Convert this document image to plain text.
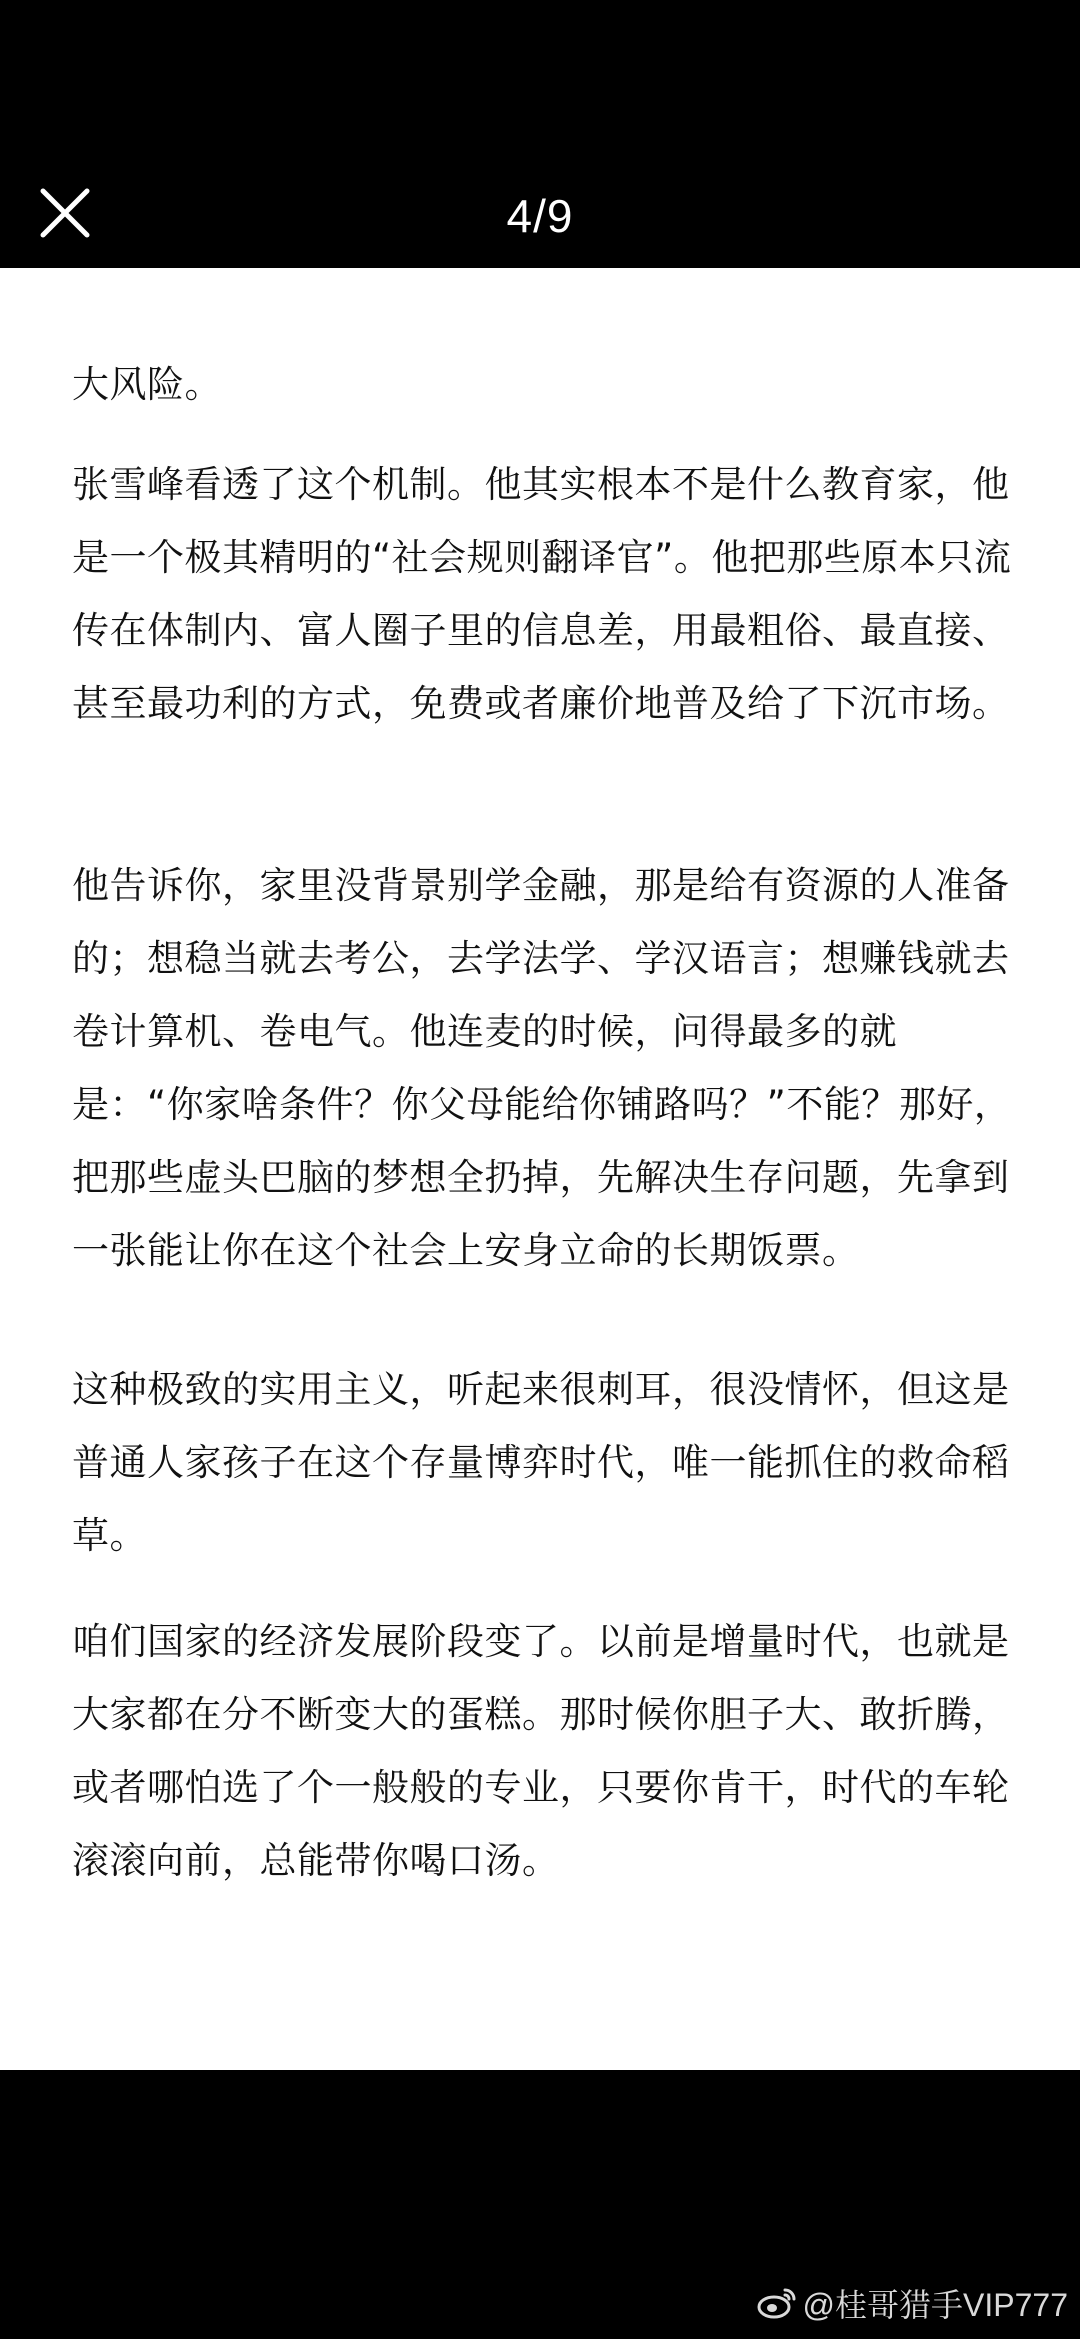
4/9

大风险。

张雪峰看透了这个机制。他其实根本不是什么教育家，他是一个极其精明的“社会规则翻译官”。他把那些原本只流传在体制内、富人圈子里的信息差，用最粗俗、最直接、甚至最功利的方式，免费或者廉价地普及给了下沉市场。

他告诉你，家里没背景别学金融，那是给有资源的人准备的；想稳当就去考公，去学法学、学汉语言；想赚钱就去卷计算机、卷电气。他连麦的时候，问得最多的就是：“你家啥条件？你父母能给你铺路吗？”不能？那好，把那些虚头巴脑的梦想全扔掉，先解决生存问题，先拿到一张能让你在这个社会上安身立命的长期饭票。

这种极致的实用主义，听起来很刺耳，很没情怀，但这是普通人家孩子在这个存量博弈时代，唯一能抓住的救命稻草。

咱们国家的经济发展阶段变了。以前是增量时代，也就是大家都在分不断变大的蛋糕。那时候你胆子大、敢折腾，或者哪怕选了个一般般的专业，只要你肯干，时代的车轮滚滚向前，总能带你喝口汤。

@桂哥猎手VIP777
